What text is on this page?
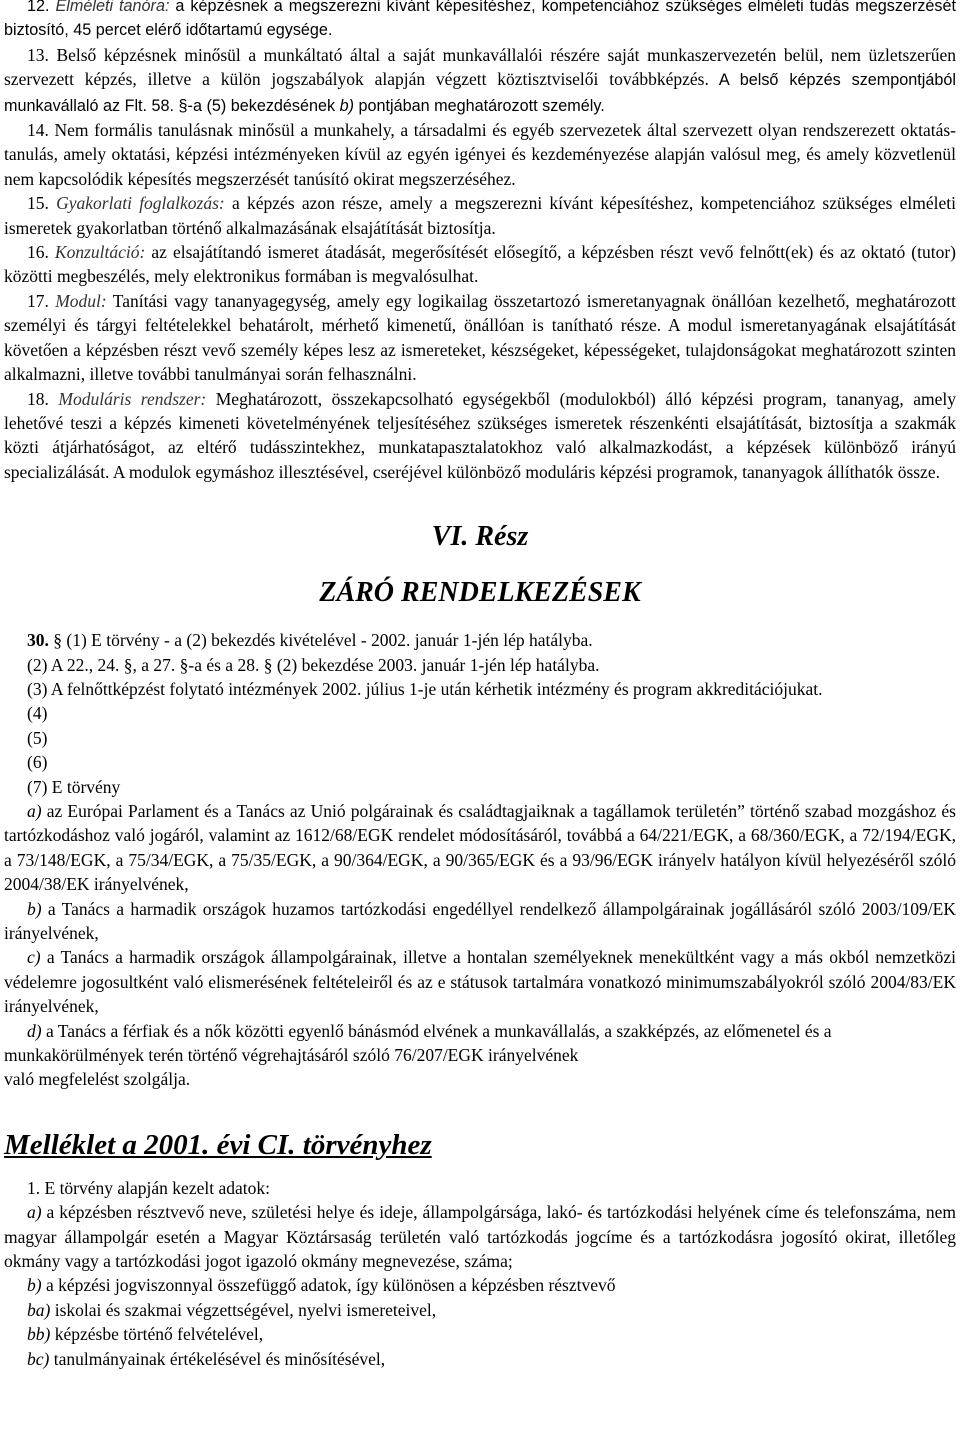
12. Elméleti tanóra: a képzésnek a megszerezni kívánt képesítéshez, kompetenciához szükséges elméleti tudás megszerzését biztosító, 45 percet elérő időtartamú egysége.

13. Belső képzésnek minősül a munkáltató által a saját munkavállalói részére saját munkaszervezetén belül, nem üzletszerűen szervezett képzés, illetve a külön jogszabályok alapján végzett köztisztviselői továbbképzés. A belső képzés szempontjából munkavállaló az Flt. 58. §-a (5) bekezdésének b) pontjában meghatározott személy.

14. Nem formális tanulásnak minősül a munkahely, a társadalmi és egyéb szervezetek által szervezett olyan rendszerezett oktatás-tanulás, amely oktatási, képzési intézményeken kívül az egyén igényei és kezdeményezése alapján valósul meg, és amely közvetlenül nem kapcsolódik képesítés megszerzését tanúsító okirat megszerzéséhez.

15. Gyakorlati foglalkozás: a képzés azon része, amely a megszerezni kívánt képesítéshez, kompetenciához szükséges elméleti ismeretek gyakorlatban történő alkalmazásának elsajátítását biztosítja.

16. Konzultáció: az elsajátítandó ismeret átadását, megerősítését elősegítő, a képzésben részt vevő felnőtt(ek) és az oktató (tutor) közötti megbeszélés, mely elektronikus formában is megvalósulhat.

17. Modul: Tanítási vagy tananyagegység, amely egy logikailag összetartozó ismeretanyagnak önállóan kezelhető, meghatározott személyi és tárgyi feltételekkel behatárolt, mérhető kimenetű, önállóan is tanítható része. A modul ismeretanyagának elsajátítását követően a képzésben részt vevő személy képes lesz az ismereteket, készségeket, képességeket, tulajdonságokat meghatározott szinten alkalmazni, illetve további tanulmányai során felhasználni.

18. Moduláris rendszer: Meghatározott, összekapcsolható egységekből (modulokból) álló képzési program, tananyag, amely lehetővé teszi a képzés kimeneti követelményének teljesítéséhez szükséges ismeretek részenkénti elsajátítását, biztosítja a szakmák közti átjárhatóságot, az eltérő tudásszintekhez, munkatapasztalatokhoz való alkalmazkodást, a képzések különböző irányú specializálását. A modulok egymáshoz illesztésével, cseréjével különböző moduláris képzési programok, tananyagok állíthatók össze.

VI. Rész
ZÁRÓ RENDELKEZÉSEK

30. § (1) E törvény - a (2) bekezdés kivételével - 2002. január 1-jén lép hatályba.

(2) A 22., 24. §, a 27. §-a és a 28. § (2) bekezdése 2003. január 1-jén lép hatályba.

(3) A felnőttképzést folytató intézmények 2002. július 1-je után kérhetik intézmény és program akkreditációjukat.

(4)

(5)

(6)

(7) E törvény

a) az Európai Parlament és a Tanács az Unió polgárainak és családtagjaiknak a tagállamok területén” történő szabad mozgáshoz és tartózkodáshoz való jogáról, valamint az 1612/68/EGK rendelet módosításáról, továbbá a 64/221/EGK, a 68/360/EGK, a 72/194/EGK, a 73/148/EGK, a 75/34/EGK, a 75/35/EGK, a 90/364/EGK, a 90/365/EGK és a 93/96/EGK irányelv hatályon kívül helyezéséről szóló 2004/38/EK irányelvének,

b) a Tanács a harmadik országok huzamos tartózkodási engedéllyel rendelkező állampolgárainak jogállásáról szóló 2003/109/EK irányelvének,

c) a Tanács a harmadik országok állampolgárainak, illetve a hontalan személyeknek menekültként vagy a más okból nemzetközi védelemre jogosultként való elismerésének feltételeiről és az e státusok tartalmára vonatkozó minimumszabályokról szóló 2004/83/EK irányelvének,

d) a Tanács a férfiak és a nők közötti egyenlő bánásmód elvének a munkavállalás, a szakképzés, az előmenetel és a munkakörülmények terén történő végrehajtásáról szóló 76/207/EGK irányelvének

való megfelelést szolgálja.

Melléklet a 2001. évi CI. törvényhez

1. E törvény alapján kezelt adatok:

a) a képzésben résztvevő neve, születési helye és ideje, állampolgársága, lakó- és tartózkodási helyének címe és telefonszáma, nem magyar állampolgár esetén a Magyar Köztársaság területén való tartózkodás jogcíme és a tartózkodásra jogosító okirat, illetőleg okmány vagy a tartózkodási jogot igazoló okmány megnevezése, száma;

b) a képzési jogviszonnyal összefüggő adatok, így különösen a képzésben résztvevő

ba) iskolai és szakmai végzettségével, nyelvi ismereteivel,

bb) képzésbe történő felvételével,

bc) tanulmányainak értékelésével és minősítésével,
